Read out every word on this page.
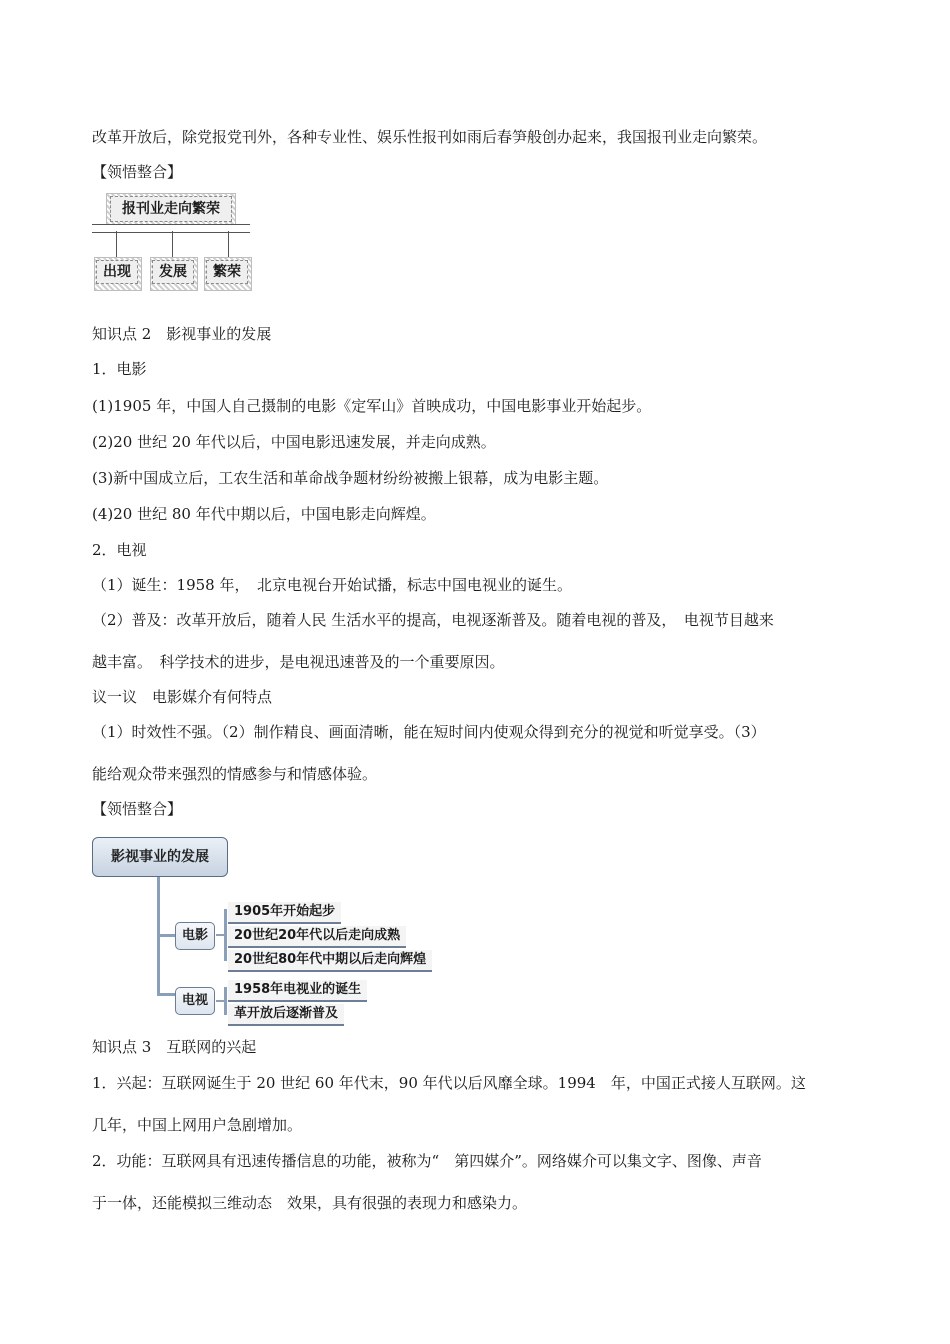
改革开放后，除党报党刊外，各种专业性、娱乐性报刊如雨后春笋般创办起来，我国报刊业走向繁荣。
【领悟整合】
报刊业走向繁荣
出现	发展	繁荣
知识点 2　影视事业的发展
1．电影
(1)1905 年，中国人自己摄制的电影《定军山》首映成功，中国电影事业开始起步。
(2)20 世纪 20 年代以后，中国电影迅速发展，并走向成熟。
(3)新中国成立后，工农生活和革命战争题材纷纷被搬上银幕，成为电影主题。
(4)20 世纪 80 年代中期以后，中国电影走向辉煌。
2．电视
（1）诞生：1958 年，　北京电视台开始试播，标志中国电视业的诞生。
（2）普及：改革开放后，随着人民 生活水平的提高，电视逐渐普及。随着电视的普及，　电视节目越来
越丰富。　科学技术的进步，是电视迅速普及的一个重要原因。
议一议　电影媒介有何特点
（1）时效性不强。（2）制作精良、画面清晰，能在短时间内使观众得到充分的视觉和听觉享受。（3）
能给观众带来强烈的情感参与和情感体验。
【领悟整合】
影视事业的发展
电影
电视
1905年开始起步
20世纪20年代以后走向成熟
20世纪80年代中期以后走向辉煌
1958年电视业的诞生
革开放后逐渐普及
知识点 3　互联网的兴起
1．兴起：互联网诞生于 20 世纪 60 年代末，90 年代以后风靡全球。1994　年，中国正式接人互联网。这
几年，中国上网用户急剧增加。
2．功能：互联网具有迅速传播信息的功能，被称为“　第四媒介”。网络媒介可以集文字、图像、声音
于一体，还能模拟三维动态　效果，具有很强的表现力和感染力。
